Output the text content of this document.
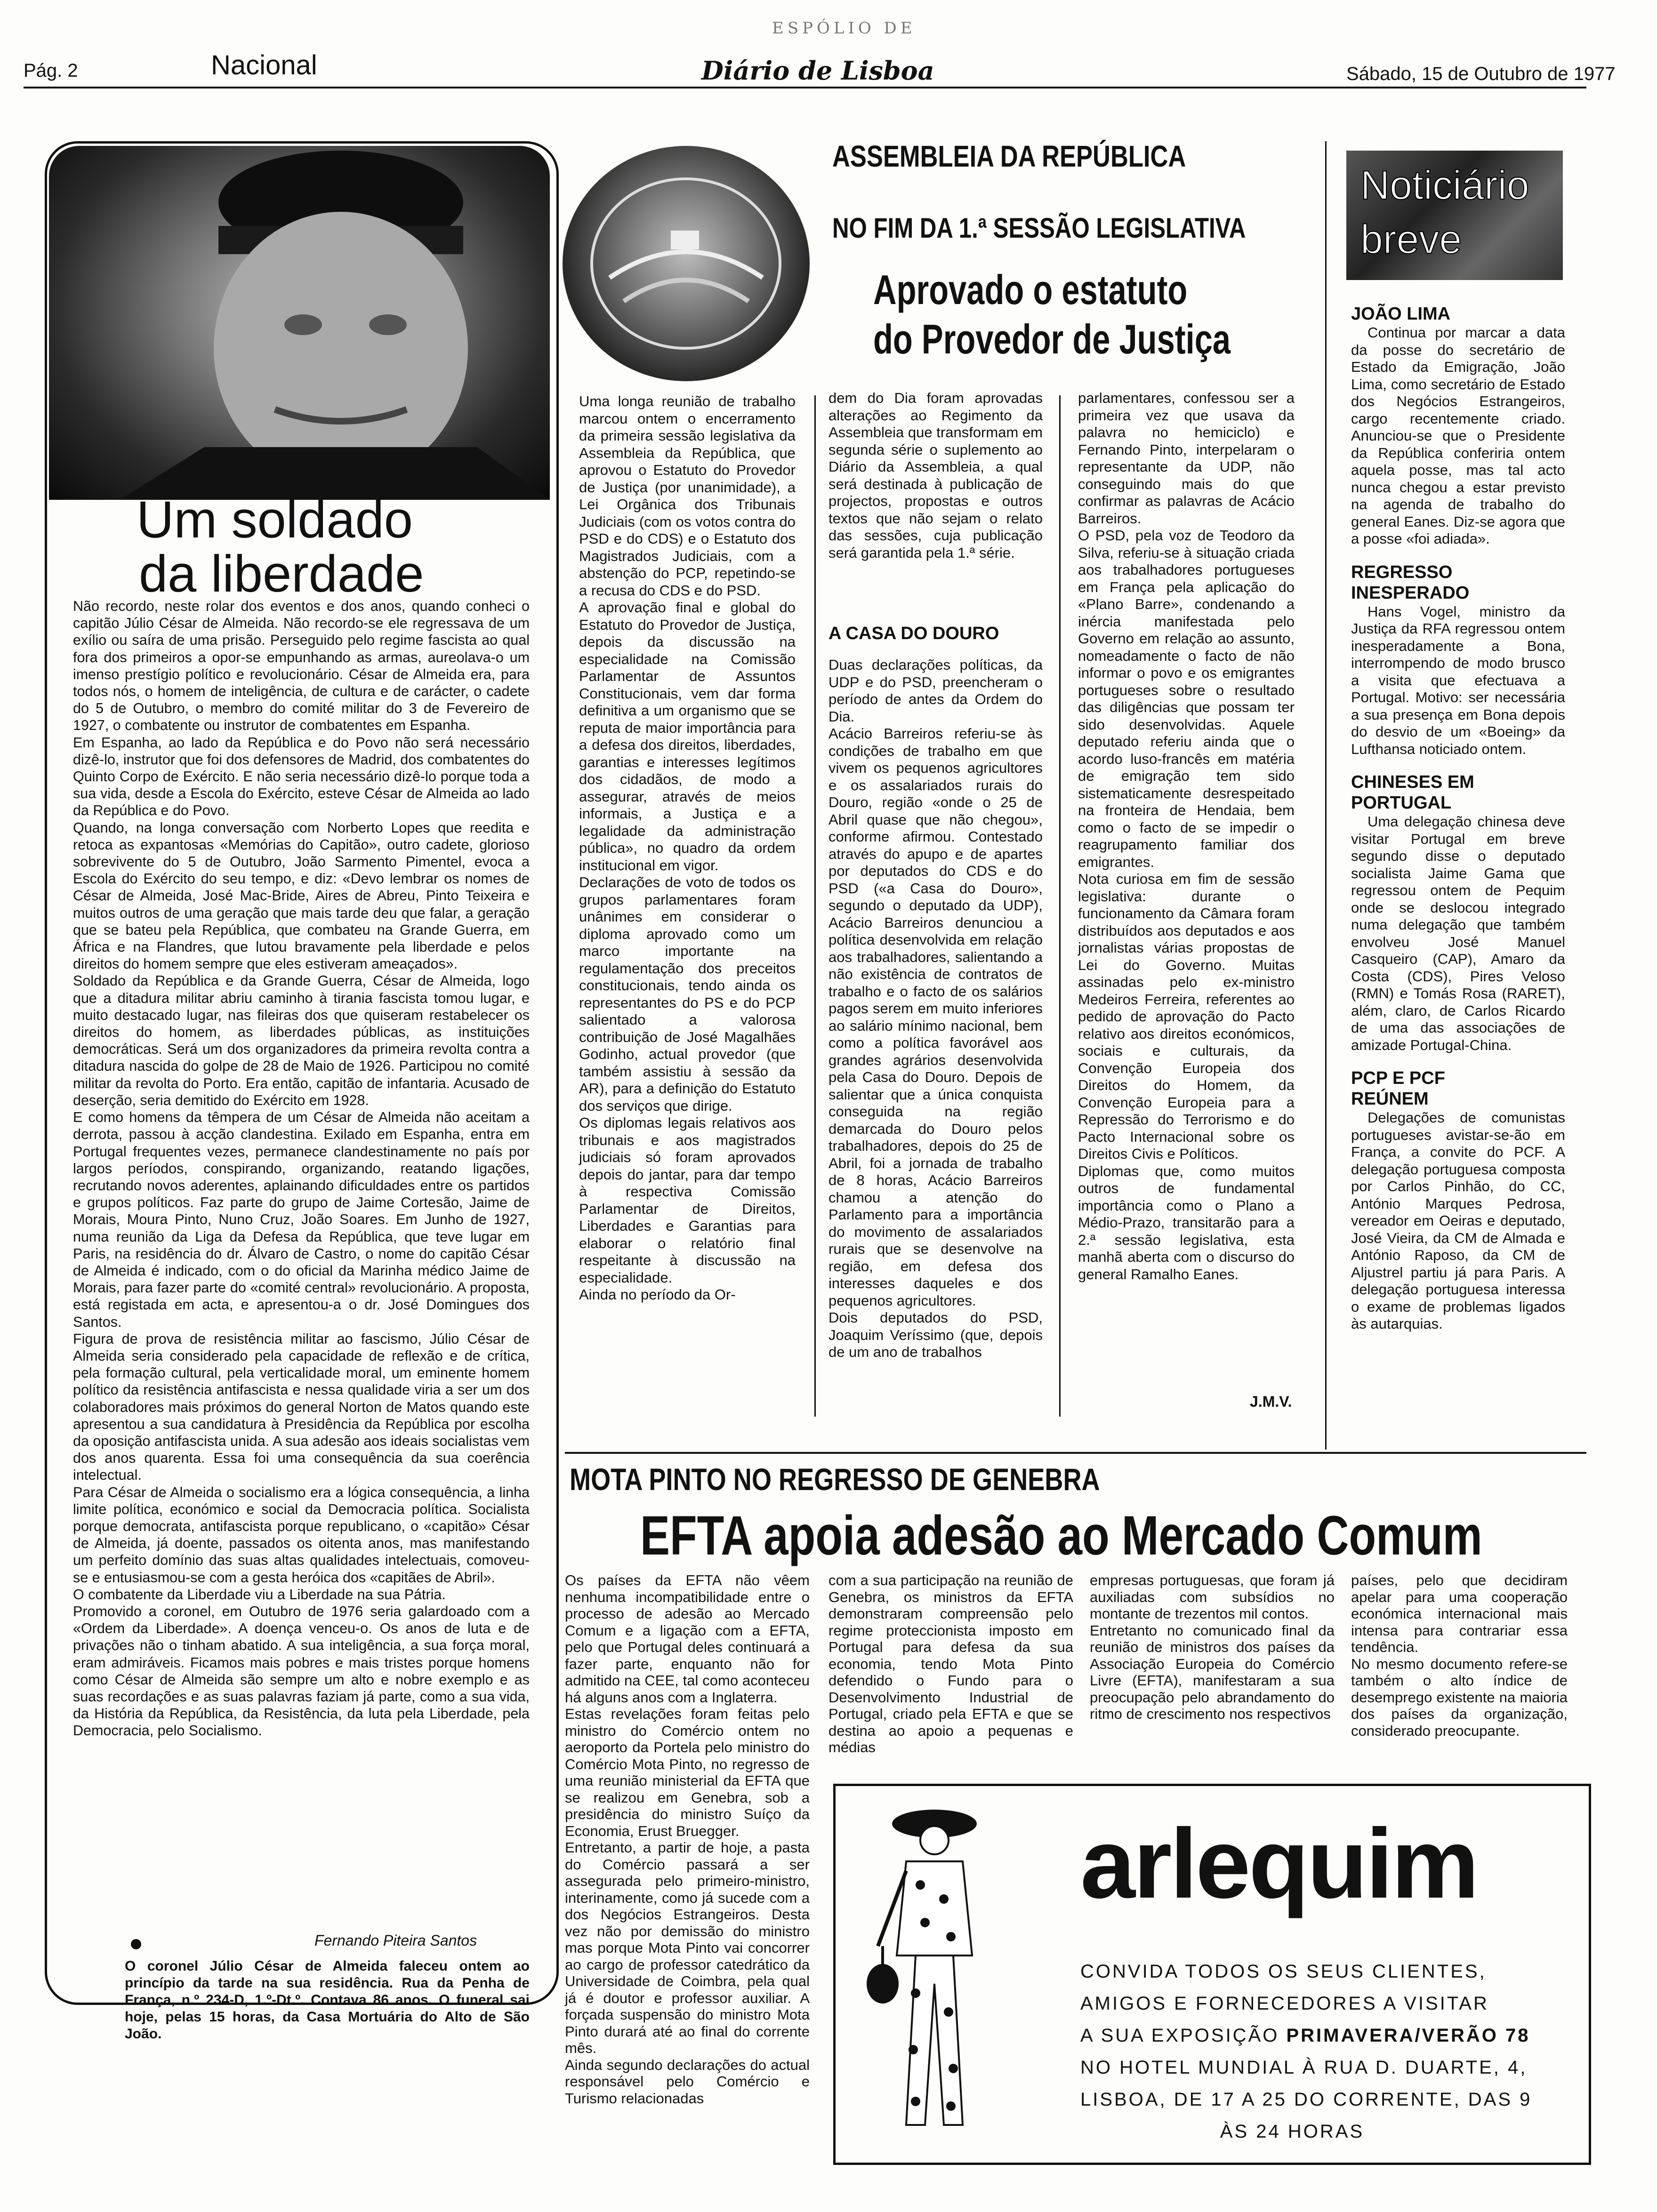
ESPÓLIO DE
Pág. 2	Nacional	Diário de Lisboa	Sábado, 15 de Outubro de 1977
Um soldado
da liberdade
Não recordo, neste rolar dos eventos e dos anos, quando conheci o capitão Júlio César de Almeida. Não recordo-se ele regressava de um exílio ou saíra de uma prisão. Perseguido pelo regime fascista ao qual fora dos primeiros a opor-se empunhando as armas, aureolava-o um imenso prestígio político e revolucionário. César de Almeida era, para todos nós, o homem de inteligência, de cultura e de carácter, o cadete do 5 de Outubro, o membro do comité militar do 3 de Fevereiro de 1927, o combatente ou instrutor de combatentes em Espanha.
Em Espanha, ao lado da República e do Povo não será necessário dizê-lo, instrutor que foi dos defensores de Madrid, dos combatentes do Quinto Corpo de Exército. E não seria necessário dizê-lo porque toda a sua vida, desde a Escola do Exército, esteve César de Almeida ao lado da República e do Povo.
Quando, na longa conversação com Norberto Lopes que reedita e retoca as expantosas «Memórias do Capitão», outro cadete, glorioso sobrevivente do 5 de Outubro, João Sarmento Pimentel, evoca a Escola do Exército do seu tempo, e diz: «Devo lembrar os nomes de César de Almeida, José Mac-Bride, Aires de Abreu, Pinto Teixeira e muitos outros de uma geração que mais tarde deu que falar, a geração que se bateu pela República, que combateu na Grande Guerra, em África e na Flandres, que lutou bravamente pela liberdade e pelos direitos do homem sempre que eles estiveram ameaçados».
Soldado da República e da Grande Guerra, César de Almeida, logo que a ditadura militar abriu caminho à tirania fascista tomou lugar, e muito destacado lugar, nas fileiras dos que quiseram restabelecer os direitos do homem, as liberdades públicas, as instituições democráticas. Será um dos organizadores da primeira revolta contra a ditadura nascida do golpe de 28 de Maio de 1926. Participou no comité militar da revolta do Porto. Era então, capitão de infantaria. Acusado de deserção, seria demitido do Exército em 1928.
E como homens da têmpera de um César de Almeida não aceitam a derrota, passou à acção clandestina. Exilado em Espanha, entra em Portugal frequentes vezes, permanece clandestinamente no país por largos períodos, conspirando, organizando, reatando ligações, recrutando novos aderentes, aplainando dificuldades entre os partidos e grupos políticos. Faz parte do grupo de Jaime Cortesão, Jaime de Morais, Moura Pinto, Nuno Cruz, João Soares. Em Junho de 1927, numa reunião da Liga da Defesa da República, que teve lugar em Paris, na residência do dr. Álvaro de Castro, o nome do capitão César de Almeida é indicado, com o do oficial da Marinha médico Jaime de Morais, para fazer parte do «comité central» revolucionário. A proposta, está registada em acta, e apresentou-a o dr. José Domingues dos Santos.
Figura de prova de resistência militar ao fascismo, Júlio César de Almeida seria considerado pela capacidade de reflexão e de crítica, pela formação cultural, pela verticalidade moral, um eminente homem político da resistência antifascista e nessa qualidade viria a ser um dos colaboradores mais próximos do general Norton de Matos quando este apresentou a sua candidatura à Presidência da República por escolha da oposição antifascista unida. A sua adesão aos ideais socialistas vem dos anos quarenta. Essa foi uma consequência da sua coerência intelectual.
Para César de Almeida o socialismo era a lógica consequência, a linha limite política, económico e social da Democracia política. Socialista porque democrata, antifascista porque republicano, o «capitão» César de Almeida, já doente, passados os oitenta anos, mas manifestando um perfeito domínio das suas altas qualidades intelectuais, comoveu-se e entusiasmou-se com a gesta heróica dos «capitães de Abril».
O combatente da Liberdade viu a Liberdade na sua Pátria.
Promovido a coronel, em Outubro de 1976 seria galardoado com a «Ordem da Liberdade». A doença venceu-o. Os anos de luta e de privações não o tinham abatido. A sua inteligência, a sua força moral, eram admiráveis. Ficamos mais pobres e mais tristes porque homens como César de Almeida são sempre um alto e nobre exemplo e as suas recordações e as suas palavras faziam já parte, como a sua vida, da História da República, da Resistência, da luta pela Liberdade, pela Democracia, pelo Socialismo.
Fernando Piteira Santos
O coronel Júlio César de Almeida faleceu ontem ao princípio da tarde na sua residência. Rua da Penha de França, n.º 234-D, 1.º-Dt.º. Contava 86 anos. O funeral sai hoje, pelas 15 horas, da Casa Mortuária do Alto de São João.
ASSEMBLEIA DA REPÚBLICA
NO FIM DA 1.ª SESSÃO LEGISLATIVA
Aprovado o estatuto
do Provedor de Justiça
Uma longa reunião de trabalho marcou ontem o encerramento da primeira sessão legislativa da Assembleia da República, que aprovou o Estatuto do Provedor de Justiça (por unanimidade), a Lei Orgânica dos Tribunais Judiciais (com os votos contra do PSD e do CDS) e o Estatuto dos Magistrados Judiciais, com a abstenção do PCP, repetindo-se a recusa do CDS e do PSD.
A aprovação final e global do Estatuto do Provedor de Justiça, depois da discussão na especialidade na Comissão Parlamentar de Assuntos Constitucionais, vem dar forma definitiva a um organismo que se reputa de maior importância para a defesa dos direitos, liberdades, garantias e interesses legítimos dos cidadãos, de modo a assegurar, através de meios informais, a Justiça e a legalidade da administração pública», no quadro da ordem institucional em vigor.
Declarações de voto de todos os grupos parlamentares foram unânimes em considerar o diploma aprovado como um marco importante na regulamentação dos preceitos constitucionais, tendo ainda os representantes do PS e do PCP salientado a valorosa contribuição de José Magalhães Godinho, actual provedor (que também assistiu à sessão da AR), para a definição do Estatuto dos serviços que dirige.
Os diplomas legais relativos aos tribunais e aos magistrados judiciais só foram aprovados depois do jantar, para dar tempo à respectiva Comissão Parlamentar de Direitos, Liberdades e Garantias para elaborar o relatório final respeitante à discussão na especialidade.
Ainda no período da Or-
dem do Dia foram aprovadas alterações ao Regimento da Assembleia que transformam em segunda série o suplemento ao Diário da Assembleia, a qual será destinada à publicação de projectos, propostas e outros textos que não sejam o relato das sessões, cuja publicação será garantida pela 1.ª série.
A CASA DO DOURO
Duas declarações políticas, da UDP e do PSD, preencheram o período de antes da Ordem do Dia.
Acácio Barreiros referiu-se às condições de trabalho em que vivem os pequenos agricultores e os assalariados rurais do Douro, região «onde o 25 de Abril quase que não chegou», conforme afirmou. Contestado através do apupo e de apartes por deputados do CDS e do PSD («a Casa do Douro», segundo o deputado da UDP), Acácio Barreiros denunciou a política desenvolvida em relação aos trabalhadores, salientando a não existência de contratos de trabalho e o facto de os salários pagos serem em muito inferiores ao salário mínimo nacional, bem como a política favorável aos grandes agrários desenvolvida pela Casa do Douro. Depois de salientar que a única conquista conseguida na região demarcada do Douro pelos trabalhadores, depois do 25 de Abril, foi a jornada de trabalho de 8 horas, Acácio Barreiros chamou a atenção do Parlamento para a importância do movimento de assalariados rurais que se desenvolve na região, em defesa dos interesses daqueles e dos pequenos agricultores.
Dois deputados do PSD, Joaquim Veríssimo (que, depois de um ano de trabalhos
parlamentares, confessou ser a primeira vez que usava da palavra no hemiciclo) e Fernando Pinto, interpelaram o representante da UDP, não conseguindo mais do que confirmar as palavras de Acácio Barreiros.
O PSD, pela voz de Teodoro da Silva, referiu-se à situação criada aos trabalhadores portugueses em França pela aplicação do «Plano Barre», condenando a inércia manifestada pelo Governo em relação ao assunto, nomeadamente o facto de não informar o povo e os emigrantes portugueses sobre o resultado das diligências que possam ter sido desenvolvidas. Aquele deputado referiu ainda que o acordo luso-francês em matéria de emigração tem sido sistematicamente desrespeitado na fronteira de Hendaia, bem como o facto de se impedir o reagrupamento familiar dos emigrantes.
Nota curiosa em fim de sessão legislativa: durante o funcionamento da Câmara foram distribuídos aos deputados e aos jornalistas várias propostas de Lei do Governo. Muitas assinadas pelo ex-ministro Medeiros Ferreira, referentes ao pedido de aprovação do Pacto relativo aos direitos económicos, sociais e culturais, da Convenção Europeia dos Direitos do Homem, da Convenção Europeia para a Repressão do Terrorismo e do Pacto Internacional sobre os Direitos Civis e Políticos.
Diplomas que, como muitos outros de fundamental importância como o Plano a Médio-Prazo, transitarão para a 2.ª sessão legislativa, esta manhã aberta com o discurso do general Ramalho Eanes.
J.M.V.
Noticiário
breve
JOÃO LIMA
Continua por marcar a data da posse do secretário de Estado da Emigração, João Lima, como secretário de Estado dos Negócios Estrangeiros, cargo recentemente criado. Anunciou-se que o Presidente da República conferiria ontem aquela posse, mas tal acto nunca chegou a estar previsto na agenda de trabalho do general Eanes. Diz-se agora que a posse «foi adiada».
REGRESSO INESPERADO
Hans Vogel, ministro da Justiça da RFA regressou ontem inesperadamente a Bona, interrompendo de modo brusco a visita que efectuava a Portugal. Motivo: ser necessária a sua presença em Bona depois do desvio de um «Boeing» da Lufthansa noticiado ontem.
CHINESES EM PORTUGAL
Uma delegação chinesa deve visitar Portugal em breve segundo disse o deputado socialista Jaime Gama que regressou ontem de Pequim onde se deslocou integrado numa delegação que também envolveu José Manuel Casqueiro (CAP), Amaro da Costa (CDS), Pires Veloso (RMN) e Tomás Rosa (RARET), além, claro, de Carlos Ricardo de uma das associações de amizade Portugal-China.
PCP E PCF REÚNEM
Delegações de comunistas portugueses avistar-se-ão em França, a convite do PCF. A delegação portuguesa composta por Carlos Pinhão, do CC, António Marques Pedrosa, vereador em Oeiras e deputado, José Vieira, da CM de Almada e António Raposo, da CM de Aljustrel partiu já para Paris. A delegação portuguesa interessa o exame de problemas ligados às autarquias.
MOTA PINTO NO REGRESSO DE GENEBRA
EFTA apoia adesão ao Mercado Comum
Os países da EFTA não vêem nenhuma incompatibilidade entre o processo de adesão ao Mercado Comum e a ligação com a EFTA, pelo que Portugal deles continuará a fazer parte, enquanto não for admitido na CEE, tal como aconteceu há alguns anos com a Inglaterra.
Estas revelações foram feitas pelo ministro do Comércio ontem no aeroporto da Portela pelo ministro do Comércio Mota Pinto, no regresso de uma reunião ministerial da EFTA que se realizou em Genebra, sob a presidência do ministro Suíço da Economia, Erust Bruegger.
Entretanto, a partir de hoje, a pasta do Comércio passará a ser assegurada pelo primeiro-ministro, interinamente, como já sucede com a dos Negócios Estrangeiros. Desta vez não por demissão do ministro mas porque Mota Pinto vai concorrer ao cargo de professor catedrático da Universidade de Coimbra, pela qual já é doutor e professor auxiliar. A forçada suspensão do ministro Mota Pinto durará até ao final do corrente mês.
Ainda segundo declarações do actual responsável pelo Comércio e Turismo relacionadas
com a sua participação na reunião de Genebra, os ministros da EFTA demonstraram compreensão pelo regime proteccionista imposto em Portugal para defesa da sua economia, tendo Mota Pinto defendido o Fundo para o Desenvolvimento Industrial de Portugal, criado pela EFTA e que se destina ao apoio a pequenas e médias
empresas portuguesas, que foram já auxiliadas com subsídios no montante de trezentos mil contos.
Entretanto no comunicado final da reunião de ministros dos países da Associação Europeia do Comércio Livre (EFTA), manifestaram a sua preocupação pelo abrandamento do ritmo de crescimento nos respectivos
países, pelo que decidiram apelar para uma cooperação económica internacional mais intensa para contrariar essa tendência.
No mesmo documento refere-se também o alto índice de desemprego existente na maioria dos países da organização, considerado preocupante.
arlequim
CONVIDA TODOS OS SEUS CLIENTES,
AMIGOS E FORNECEDORES A VISITAR
A SUA EXPOSIÇÃO PRIMAVERA/VERÃO 78
NO HOTEL MUNDIAL À RUA D. DUARTE, 4,
LISBOA, DE 17 A 25 DO CORRENTE, DAS 9
ÀS 24 HORAS
